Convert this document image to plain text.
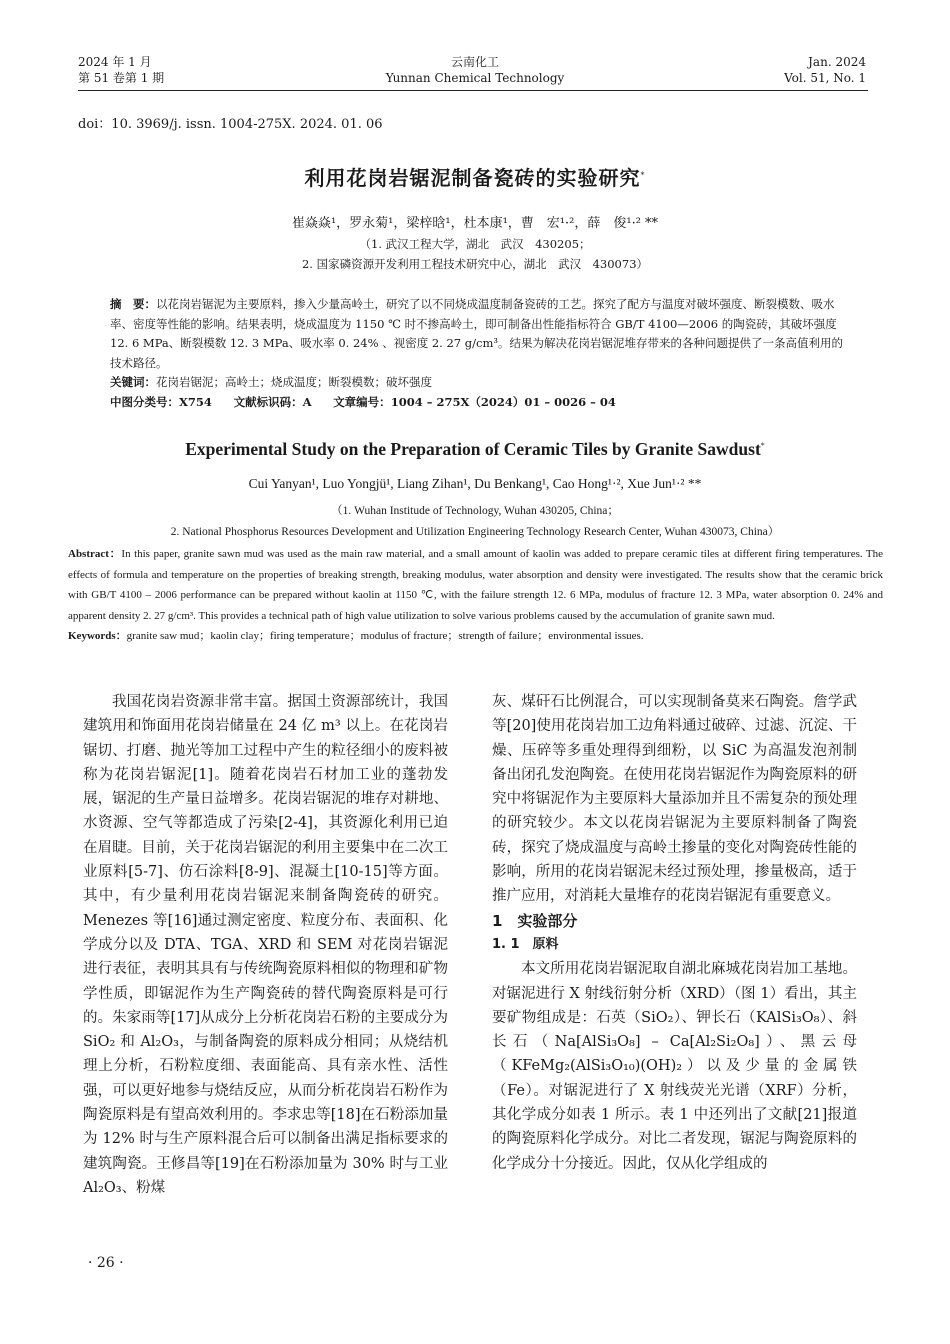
2024 年 1 月
第 51 卷第 1 期
云南化工
Yunnan Chemical Technology
Jan. 2024
Vol. 51, No. 1
doi：10. 3969/j. issn. 1004-275X. 2024. 01. 06
利用花岗岩锯泥制备瓷砖的实验研究*
崔焱焱¹，罗永菊¹，梁梓晗¹，杜本康¹，曹　宏¹·²，薛　俊¹·² **
（1. 武汉工程大学，湖北　武汉　430205；
2. 国家磷资源开发利用工程技术研究中心，湖北　武汉　430073）

摘　要：以花岗岩锯泥为主要原料，掺入少量高岭土，研究了以不同烧成温度制备瓷砖的工艺。探究了配方与温度对破坏强度、断裂模数、吸水率、密度等性能的影响。结果表明，烧成温度为 1150 ℃ 时不掺高岭土，即可制备出性能指标符合 GB/T 4100—2006 的陶瓷砖，其破坏强度 12. 6 MPa、断裂模数 12. 3 MPa、吸水率 0. 24% 、视密度 2. 27 g/cm³。结果为解决花岗岩锯泥堆存带来的各种问题提供了一条高值利用的技术路径。

关键词：花岗岩锯泥；高岭土；烧成温度；断裂模数；破坏强度

中图分类号：X754 文献标识码：A 文章编号：1004 – 275X（2024）01 – 0026 – 04

Experimental Study on the Preparation of Ceramic Tiles by Granite Sawdust*
Cui Yanyan¹, Luo Yongjü¹, Liang Zihan¹, Du Benkang¹, Cao Hong¹·², Xue Jun¹·² **
（1. Wuhan Institude of Technology, Wuhan 430205, China；
2. National Phosphorus Resources Development and Utilization Engineering Technology Research Center, Wuhan 430073, China）

Abstract：In this paper, granite sawn mud was used as the main raw material, and a small amount of kaolin was added to prepare ceramic tiles at different firing temperatures. The effects of formula and temperature on the properties of breaking strength, breaking modulus, water absorption and density were investigated. The results show that the ceramic brick with GB/T 4100 – 2006 performance can be prepared without kaolin at 1150 ℃, with the failure strength 12. 6 MPa, modulus of fracture 12. 3 MPa, water absorption 0. 24% and apparent density 2. 27 g/cm³. This provides a technical path of high value utilization to solve various problems caused by the accumulation of granite sawn mud.

Keywords：granite saw mud；kaolin clay；firing temperature；modulus of fracture；strength of failure；environmental issues.

我国花岗岩资源非常丰富。据国土资源部统计，我国建筑用和饰面用花岗岩储量在 24 亿 m³ 以上。在花岗岩锯切、打磨、抛光等加工过程中产生的粒径细小的废料被称为花岗岩锯泥[1]。随着花岗岩石材加工业的蓬勃发展，锯泥的生产量日益增多。花岗岩锯泥的堆存对耕地、水资源、空气等都造成了污染[2-4]，其资源化利用已迫在眉睫。目前，关于花岗岩锯泥的利用主要集中在二次工业原料[5-7]、仿石涂料[8-9]、混凝土[10-15]等方面。其中，有少量利用花岗岩锯泥来制备陶瓷砖的研究。Menezes 等[16]通过测定密度、粒度分布、表面积、化学成分以及 DTA、TGA、XRD 和 SEM 对花岗岩锯泥进行表征，表明其具有与传统陶瓷原料相似的物理和矿物学性质，即锯泥作为生产陶瓷砖的替代陶瓷原料是可行的。朱家雨等[17]从成分上分析花岗岩石粉的主要成分为 SiO₂ 和 Al₂O₃，与制备陶瓷的原料成分相同；从烧结机理上分析，石粉粒度细、表面能高、具有亲水性、活性强，可以更好地参与烧结反应，从而分析花岗岩石粉作为陶瓷原料是有望高效利用的。李求忠等[18]在石粉添加量为 12% 时与生产原料混合后可以制备出满足指标要求的建筑陶瓷。王修昌等[19]在石粉添加量为 30% 时与工业 Al₂O₃、粉煤

灰、煤矸石比例混合，可以实现制备莫来石陶瓷。詹学武等[20]使用花岗岩加工边角料通过破碎、过滤、沉淀、干燥、压碎等多重处理得到细粉，以 SiC 为高温发泡剂制备出闭孔发泡陶瓷。在使用花岗岩锯泥作为陶瓷原料的研究中将锯泥作为主要原料大量添加并且不需复杂的预处理的研究较少。本文以花岗岩锯泥为主要原料制备了陶瓷砖，探究了烧成温度与高岭土掺量的变化对陶瓷砖性能的影响，所用的花岗岩锯泥未经过预处理，掺量极高，适于推广应用，对消耗大量堆存的花岗岩锯泥有重要意义。

1　实验部分

1. 1　原料

本文所用花岗岩锯泥取自湖北麻城花岗岩加工基地。对锯泥进行 X 射线衍射分析（XRD）（图 1）看出，其主要矿物组成是：石英（SiO₂）、钾长石（KAlSi₃O₈）、斜长石（Na[AlSi₃O₈] – Ca[Al₂Si₂O₈]）、黑云母（KFeMg₂(AlSi₃O₁₀)(OH)₂）以及少量的金属铁（Fe）。对锯泥进行了 X 射线荧光光谱（XRF）分析，其化学成分如表 1 所示。表 1 中还列出了文献[21]报道的陶瓷原料化学成分。对比二者发现，锯泥与陶瓷原料的化学成分十分接近。因此，仅从化学组成的

· 26 ·
